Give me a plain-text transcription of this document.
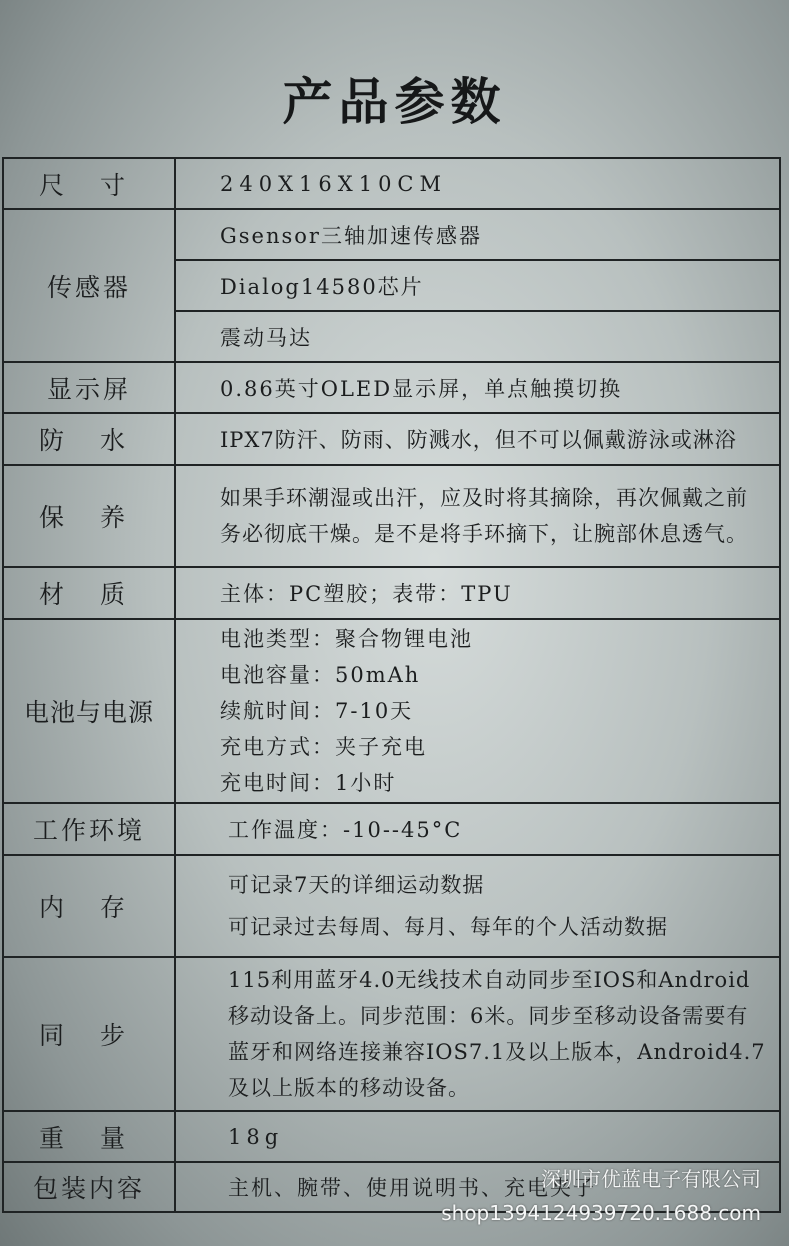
产品参数
尺 寸	240X16X10CM
传感器	Gsensor三轴加速传感器
	Dialog14580芯片
	震动马达
显示屏	0.86英寸OLED显示屏，单点触摸切换
防 水	IPX7防汗、防雨、防溅水，但不可以佩戴游泳或淋浴
保 养	如果手环潮湿或出汗，应及时将其摘除，再次佩戴之前
务必彻底干燥。是不是将手环摘下，让腕部休息透气。

材 质	主体：PC塑胶；表带：TPU
电池与电源	电池类型：聚合物锂电池
电池容量：50mAh
续航时间：7-10天
充电方式：夹子充电
充电时间：1小时

工作环境	工作温度：-10--45°C
内 存	可记录7天的详细运动数据
可记录过去每周、每月、每年的个人活动数据

同 步	115利用蓝牙4.0无线技术自动同步至IOS和Android
移动设备上。同步范围：6米。同步至移动设备需要有
蓝牙和网络连接兼容IOS7.1及以上版本，Android4.7
及以上版本的移动设备。

重 量	18g
包装内容	主机、腕带、使用说明书、充电夹子
深圳市优蓝电子有限公司
shop1394124939720.1688.com
